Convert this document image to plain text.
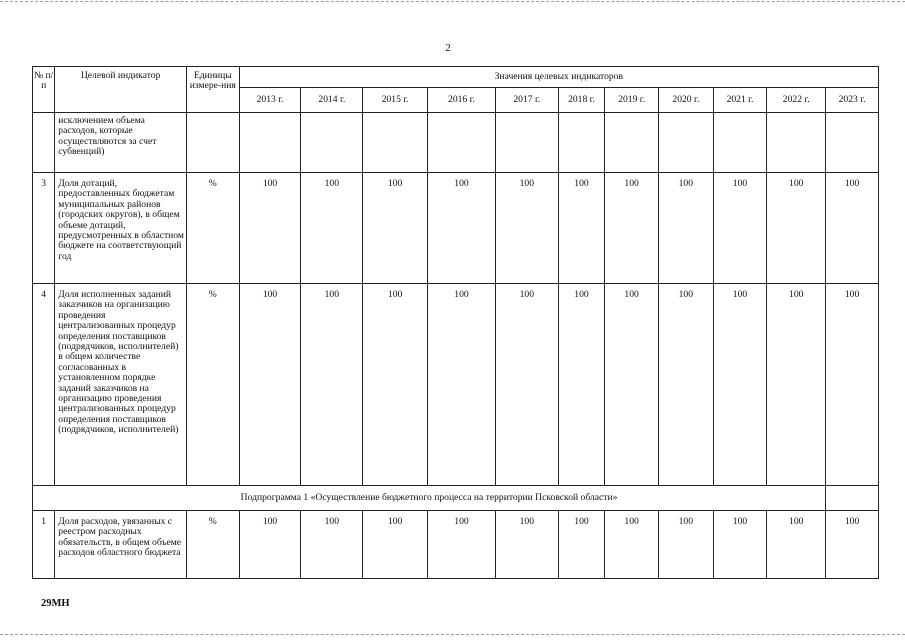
2
№ п/п	Целевой индикатор	Единицы измере-ния	Значения целевых индикаторов										
			2013 г.	2014 г.	2015 г.	2016 г.	2017 г.	2018 г.	2019 г.	2020 г.	2021 г.	2022 г.	2023 г.
	исключением объема расходов, которые осуществляются за счет субвенций)												
3	Доля дотаций, предоставленных бюджетам муниципальных районов (городских округов), в общем объеме дотаций, предусмотренных в областном бюджете на соответствующий год	%	100	100	100	100	100	100	100	100	100	100	100
4	Доля исполненных заданий заказчиков на организацию проведения централизованных процедур определения поставщиков (подрядчиков, исполнителей) в общем количестве согласованных в установленном порядке заданий заказчиков на организацию проведения централизованных процедур определения поставщиков (подрядчиков, исполнителей)	%	100	100	100	100	100	100	100	100	100	100	100
Подпрограмма 1 «Осуществление бюджетного процесса на территории Псковской области»													
1	Доля расходов, увязанных с реестром расходных обязательств, в общем объеме расходов областного бюджета	%	100	100	100	100	100	100	100	100	100	100	100
29МН
